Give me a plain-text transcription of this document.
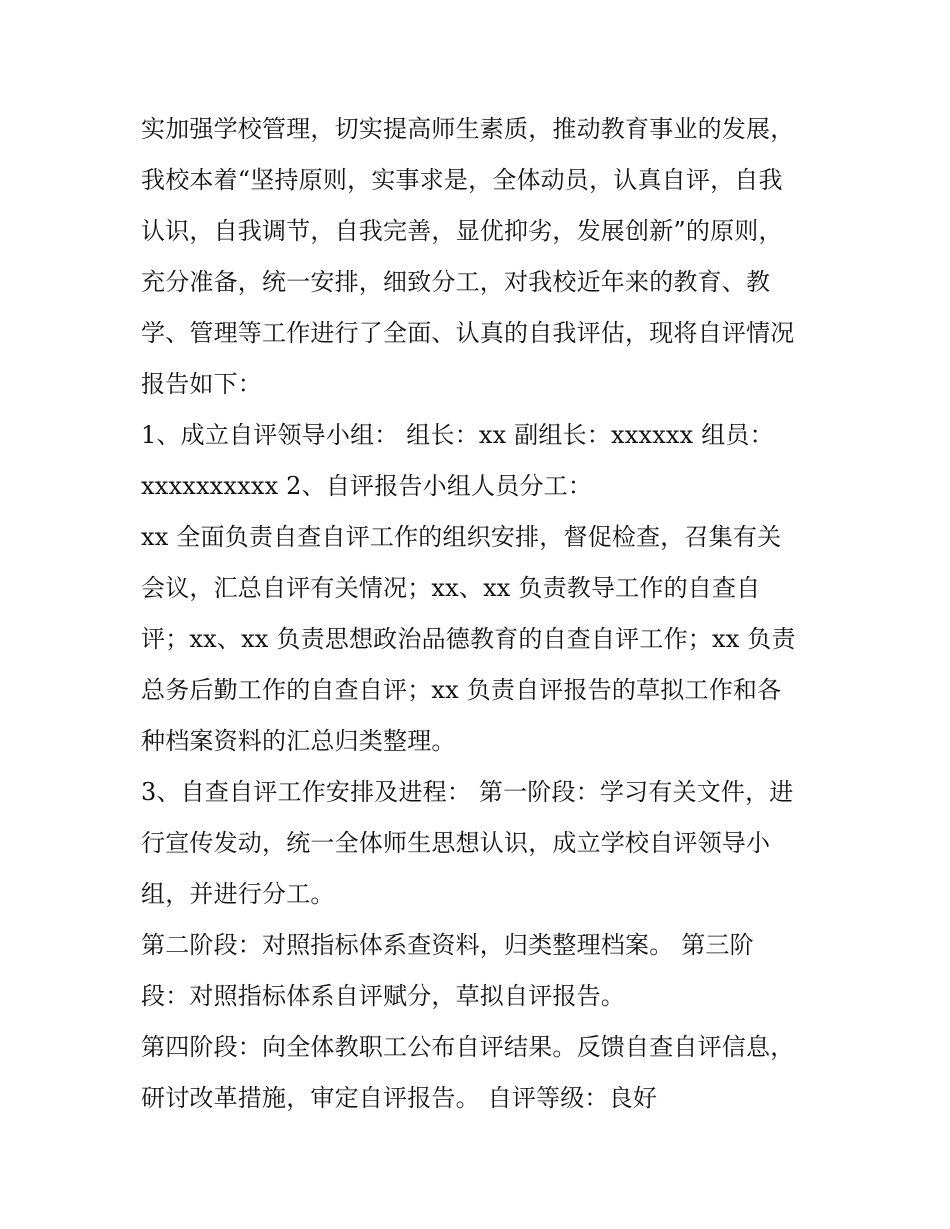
实加强学校管理，切实提高师生素质，推动教育事业的发展，
我校本着“坚持原则，实事求是，全体动员，认真自评，自我
认识，自我调节，自我完善，显优抑劣，发展创新”的原则，
充分准备，统一安排，细致分工，对我校近年来的教育、教
学、管理等工作进行了全面、认真的自我评估，现将自评情况
报告如下：
1、成立自评领导小组： 组长：xx 副组长：xxxxxx 组员：
xxxxxxxxxx 2、自评报告小组人员分工：
xx 全面负责自查自评工作的组织安排，督促检查，召集有关
会议，汇总自评有关情况；xx、xx 负责教导工作的自查自
评；xx、xx 负责思想政治品德教育的自查自评工作；xx 负责
总务后勤工作的自查自评；xx 负责自评报告的草拟工作和各
种档案资料的汇总归类整理。
3、自查自评工作安排及进程： 第一阶段：学习有关文件，进
行宣传发动，统一全体师生思想认识，成立学校自评领导小
组，并进行分工。
第二阶段：对照指标体系查资料，归类整理档案。 第三阶
段：对照指标体系自评赋分，草拟自评报告。
第四阶段：向全体教职工公布自评结果。反馈自查自评信息，
研讨改革措施，审定自评报告。 自评等级：良好
